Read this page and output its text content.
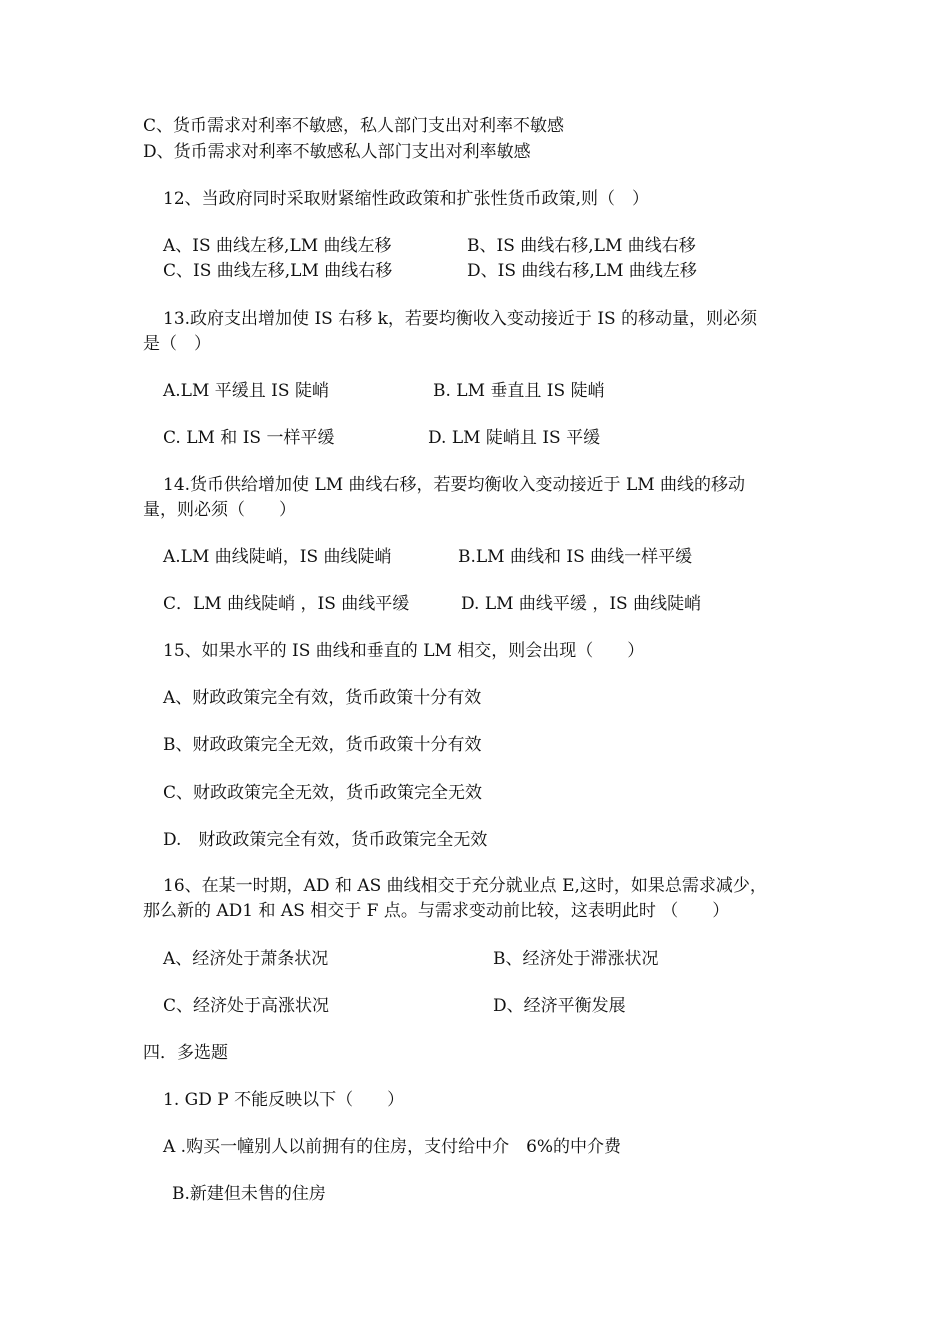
C、货币需求对利率不敏感，私人部门支出对利率不敏感
D、货币需求对利率不敏感私人部门支出对利率敏感
12、当政府同时采取财紧缩性政政策和扩张性货币政策,则（　）
A、IS 曲线左移,LM 曲线左移	B、IS 曲线右移,LM 曲线右移
C、IS 曲线左移,LM 曲线右移	D、IS 曲线右移,LM 曲线左移
13.政府支出增加使 IS 右移 k，若要均衡收入变动接近于 IS 的移动量，则必须
是（　）
A.LM 平缓且 IS 陡峭	B. LM 垂直且 IS 陡峭
C. LM 和 IS 一样平缓	D. LM 陡峭且 IS 平缓
14.货币供给增加使 LM 曲线右移，若要均衡收入变动接近于 LM 曲线的移动
量，则必须（　　）
A.LM 曲线陡峭，IS 曲线陡峭	B.LM 曲线和 IS 曲线一样平缓
C．LM 曲线陡峭 ，IS 曲线平缓	D. LM 曲线平缓 ，IS 曲线陡峭
15、如果水平的 IS 曲线和垂直的 LM 相交，则会出现（　　）
A、财政政策完全有效，货币政策十分有效
B、财政政策完全无效，货币政策十分有效
C、财政政策完全无效，货币政策完全无效
D.　财政政策完全有效，货币政策完全无效
16、在某一时期，AD 和 AS 曲线相交于充分就业点 E,这时，如果总需求减少，
那么新的 AD1 和 AS 相交于 F 点。与需求变动前比较，这表明此时 （　　）
A、经济处于萧条状况	B、经济处于滞涨状况
C、经济处于高涨状况	D、经济平衡发展
四．多选题
1. GD P 不能反映以下（　　）
A .购买一幢别人以前拥有的住房，支付给中介　6%的中介费
B.新建但未售的住房
